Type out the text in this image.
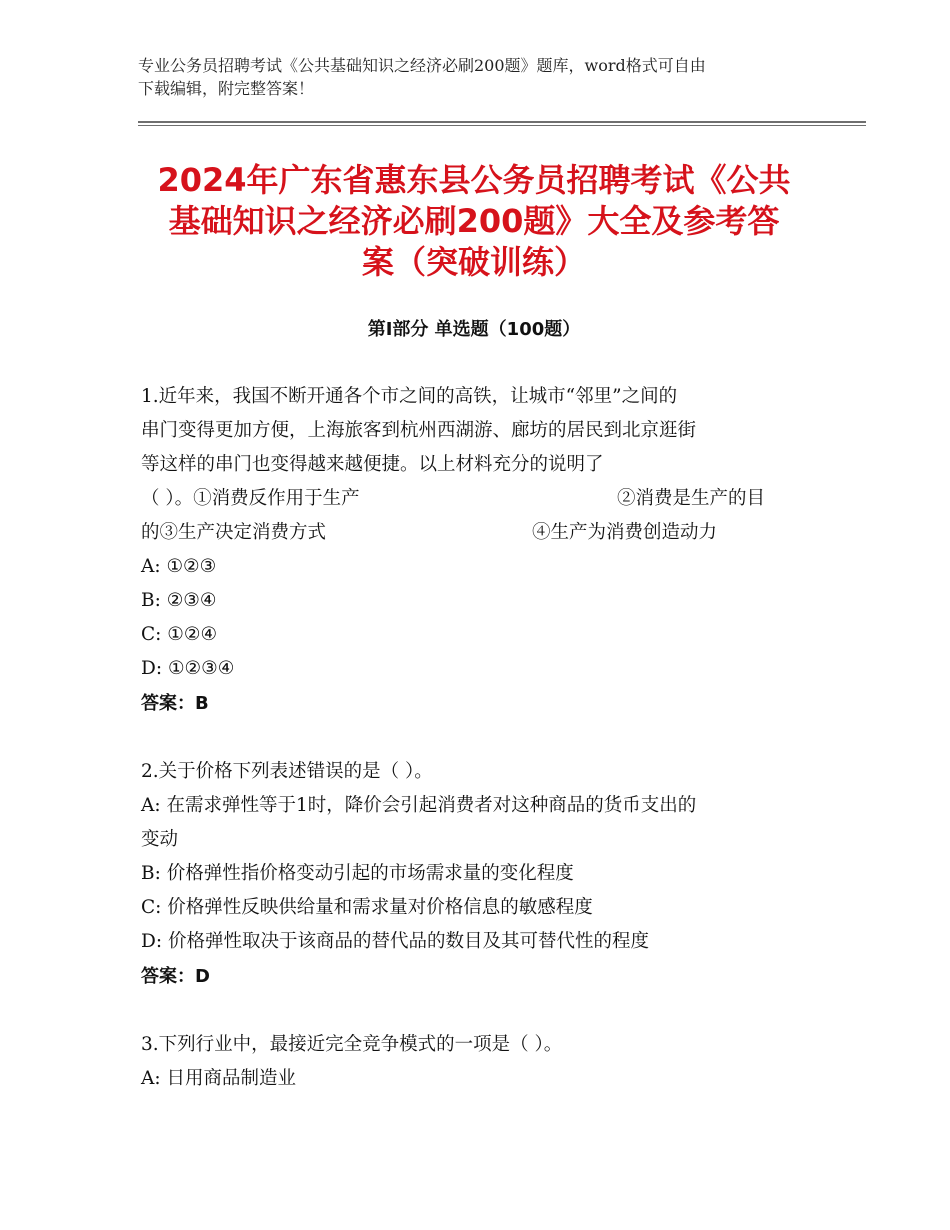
专业公务员招聘考试《公共基础知识之经济必刷200题》题库，word格式可自由
下载编辑，附完整答案！
2024年广东省惠东县公务员招聘考试《公共
基础知识之经济必刷200题》大全及参考答
案（突破训练）
第Ⅰ部分 单选题（100题）
1.近年来，我国不断开通各个市之间的高铁，让城市“邻里”之间的
串门变得更加方便，上海旅客到杭州西湖游、廊坊的居民到北京逛街
等这样的串门也变得越来越便捷。以上材料充分的说明了
（ ）。①消费反作用于生产	②消费是生产的目
的③生产决定消费方式	④生产为消费创造动力
A: ①②③
B: ②③④
C: ①②④
D: ①②③④
答案：B
2.关于价格下列表述错误的是（ ）。
A: 在需求弹性等于1时，降价会引起消费者对这种商品的货币支出的
变动
B: 价格弹性指价格变动引起的市场需求量的变化程度
C: 价格弹性反映供给量和需求量对价格信息的敏感程度
D: 价格弹性取决于该商品的替代品的数目及其可替代性的程度
答案：D
3.下列行业中，最接近完全竞争模式的一项是（ ）。
A: 日用商品制造业
